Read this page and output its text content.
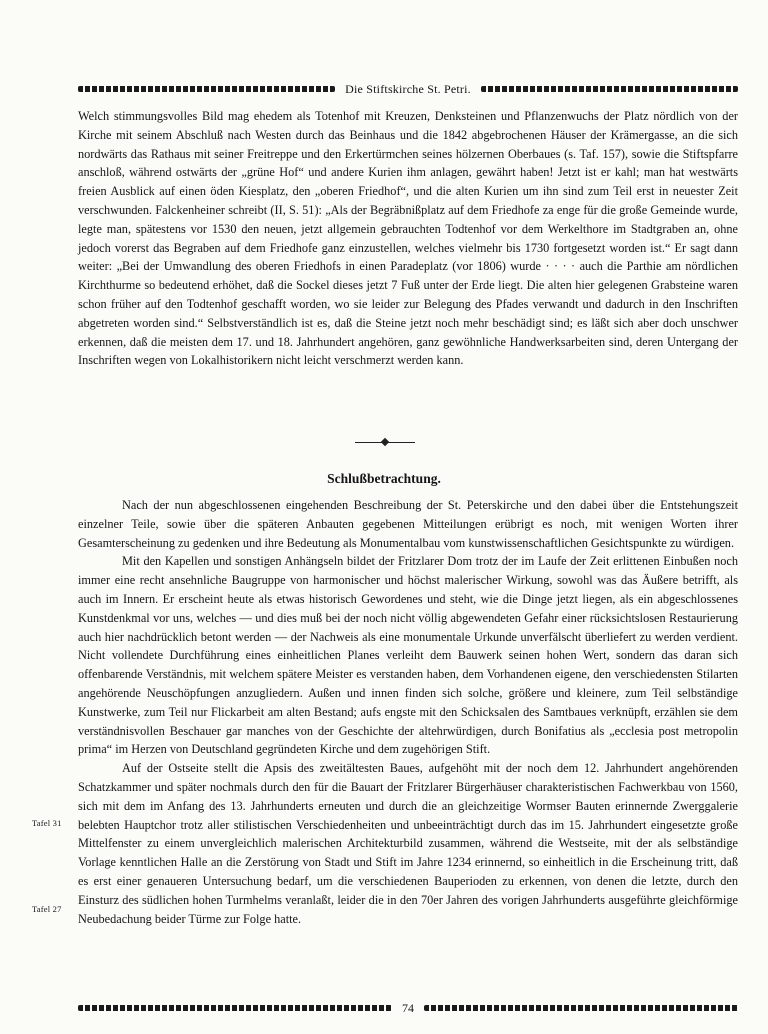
Die Stiftskirche St. Petri.

Welch stimmungsvolles Bild mag ehedem als Totenhof mit Kreuzen, Denksteinen und Pflanzenwuchs der Platz nördlich von der Kirche mit seinem Abschluß nach Westen durch das Beinhaus und die 1842 abgebrochenen Häuser der Krämergasse, an die sich nordwärts das Rathaus mit seiner Freitreppe und den Erkertürmchen seines hölzernen Oberbaues (s. Taf. 157), sowie die Stiftspfarre anschloß, während ostwärts der „grüne Hof“ und andere Kurien ihm anlagen, gewährt haben! Jetzt ist er kahl; man hat westwärts freien Ausblick auf einen öden Kiesplatz, den „oberen Friedhof“, und die alten Kurien um ihn sind zum Teil erst in neuester Zeit verschwunden. Falckenheiner schreibt (II, S. 51): „Als der Begräbnißplatz auf dem Friedhofe za enge für die große Gemeinde wurde, legte man, spätestens vor 1530 den neuen, jetzt allgemein gebrauchten Todtenhof vor dem Werkelthore im Stadtgraben an, ohne jedoch vorerst das Begraben auf dem Friedhofe ganz einzustellen, welches vielmehr bis 1730 fortgesetzt worden ist.“ Er sagt dann weiter: „Bei der Umwandlung des oberen Friedhofs in einen Paradeplatz (vor 1806) wurde · · · · auch die Parthie am nördlichen Kirchthurme so bedeutend erhöhet, daß die Sockel dieses jetzt 7 Fuß unter der Erde liegt. Die alten hier gelegenen Grabsteine waren schon früher auf den Todtenhof geschafft worden, wo sie leider zur Belegung des Pfades verwandt und dadurch in den Inschriften abgetreten worden sind.“ Selbstverständlich ist es, daß die Steine jetzt noch mehr beschädigt sind; es läßt sich aber doch unschwer erkennen, daß die meisten dem 17. und 18. Jahrhundert angehören, ganz gewöhnliche Handwerksarbeiten sind, deren Untergang der Inschriften wegen von Lokalhistorikern nicht leicht verschmerzt werden kann.

Schlußbetrachtung.

Nach der nun abgeschlossenen eingehenden Beschreibung der St. Peterskirche und den dabei über die Entstehungszeit einzelner Teile, sowie über die späteren Anbauten gegebenen Mitteilungen erübrigt es noch, mit wenigen Worten ihrer Gesamterscheinung zu gedenken und ihre Bedeutung als Monumentalbau vom kunstwissenschaftlichen Gesichtspunkte zu würdigen.

Mit den Kapellen und sonstigen Anhängseln bildet der Fritzlarer Dom trotz der im Laufe der Zeit erlittenen Einbußen noch immer eine recht ansehnliche Baugruppe von harmonischer und höchst malerischer Wirkung, sowohl was das Äußere betrifft, als auch im Innern. Er erscheint heute als etwas historisch Gewordenes und steht, wie die Dinge jetzt liegen, als ein abgeschlossenes Kunstdenkmal vor uns, welches — und dies muß bei der noch nicht völlig abgewendeten Gefahr einer rücksichtslosen Restaurierung auch hier nachdrücklich betont werden — der Nachweis als eine monumentale Urkunde unverfälscht überliefert zu werden verdient. Nicht vollendete Durchführung eines einheitlichen Planes verleiht dem Bauwerk seinen hohen Wert, sondern das daran sich offenbarende Verständnis, mit welchem spätere Meister es verstanden haben, dem Vorhandenen eigene, den verschiedensten Stilarten angehörende Neuschöpfungen anzugliedern. Außen und innen finden sich solche, größere und kleinere, zum Teil selbständige Kunstwerke, zum Teil nur Flickarbeit am alten Bestand; aufs engste mit den Schicksalen des Samtbaues verknüpft, erzählen sie dem verständnisvollen Beschauer gar manches von der Geschichte der altehrwürdigen, durch Bonifatius als „ecclesia post metropolin prima“ im Herzen von Deutschland gegründeten Kirche und dem zugehörigen Stift.

Auf der Ostseite stellt die Apsis des zweitältesten Baues, aufgehöht mit der noch dem 12. Jahrhundert angehörenden Schatzkammer und später nochmals durch den für die Bauart der Fritzlarer Bürgerhäuser charakteristischen Fachwerkbau von 1560, sich mit dem im Anfang des 13. Jahrhunderts erneuten und durch die an gleichzeitige Wormser Bauten erinnernde Zwerggalerie belebten Hauptchor trotz aller stilistischen Verschiedenheiten und unbeeinträchtigt durch das im 15. Jahrhundert eingesetzte große Mittelfenster zu einem unvergleichlich malerischen Architekturbild zusammen, während die Westseite, mit der als selbständige Vorlage kenntlichen Halle an die Zerstörung von Stadt und Stift im Jahre 1234 erinnernd, so einheitlich in die Erscheinung tritt, daß es erst einer genaueren Untersuchung bedarf, um die verschiedenen Bauperioden zu erkennen, von denen die letzte, durch den Einsturz des südlichen hohen Turmhelms veranlaßt, leider die in den 70er Jahren des vorigen Jahrhunderts ausgeführte gleichförmige Neubedachung beider Türme zur Folge hatte.

Tafel 31
Tafel 27
74
